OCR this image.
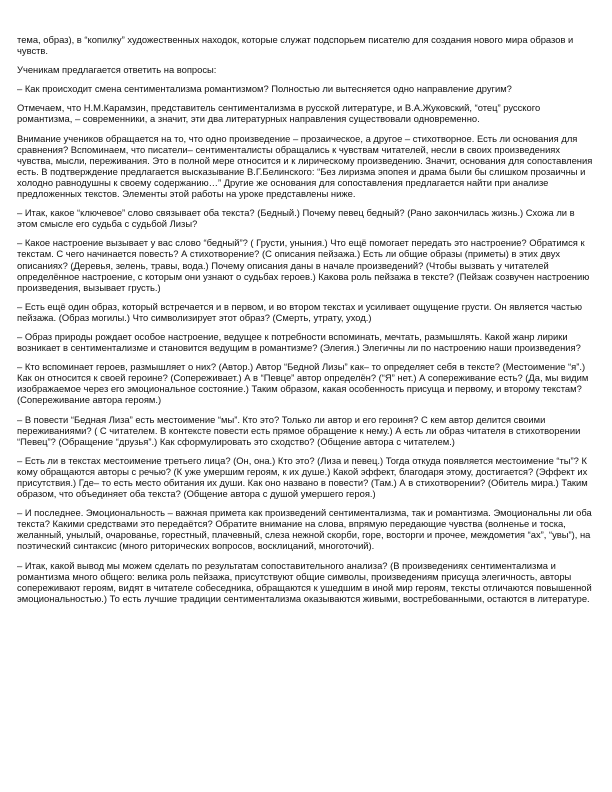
тема, образ), в “копилку” художественных находок, которые служат подспорьем писателю для создания нового мира образов и чувств.

Ученикам предлагается ответить на вопросы:

– Как происходит смена сентиментализма романтизмом? Полностью ли вытесняется одно направление другим?

Отмечаем, что Н.М.Карамзин, представитель сентиментализма в русской литературе, и В.А.Жуковский, “отец” русского романтизма, – современники, а значит, эти два литературных направления существовали одновременно.

Внимание учеников обращается на то, что одно произведение – прозаическое, а другое – стихотворное. Есть ли основания для сравнения? Вспоминаем, что писатели– сентименталисты обращались к чувствам читателей, несли в своих произведениях чувства, мысли, переживания. Это в полной мере относится и к лирическому произведению. Значит, основания для сопоставления есть. В подтверждение предлагается высказывание В.Г.Белинского: “Без лиризма эпопея и драма были бы слишком прозаичны и холодно равнодушны к своему содержанию…” Другие же основания для сопоставления предлагается найти при анализе предложенных текстов. Элементы этой работы на уроке представлены ниже.

– Итак, какое “ключевое” слово связывает оба текста? (Бедный.) Почему певец бедный? (Рано закончилась жизнь.) Схожа ли в этом смысле его судьба с судьбой Лизы?

– Какое настроение вызывает у вас слово “бедный”? ( Грусти, уныния.) Что ещё помогает передать это настроение? Обратимся к текстам. С чего начинается повесть? А стихотворение? (С описания пейзажа.) Есть ли общие образы (приметы) в этих двух описаниях? (Деревья, зелень, травы, вода.) Почему описания даны в начале произведений? (Чтобы вызвать у читателей определённое настроение, с которым они узнают о судьбах героев.) Какова роль пейзажа в тексте? (Пейзаж созвучен настроению произведения, вызывает грусть.)

– Есть ещё один образ, который встречается и в первом, и во втором текстах и усиливает ощущение грусти. Он является частью пейзажа. (Образ могилы.) Что символизирует этот образ? (Смерть, утрату, уход.)

– Образ природы рождает особое настроение, ведущее к потребности вспоминать, мечтать, размышлять. Какой жанр лирики возникает в сентиментализме и становится ведущим в романтизме? (Элегия.) Элегичны ли по настроению наши произведения?

– Кто вспоминает героев, размышляет о них? (Автор.) Автор “Бедной Лизы” как– то определяет себя в тексте? (Местоимение “я”.) Как он относится к своей героине? (Сопереживает.) А в “Певце” автор определён? (“Я” нет.) А сопереживание есть? (Да, мы видим изображаемое через его эмоциональное состояние.) Таким образом, какая особенность присуща и первому, и второму текстам? (Сопереживание автора героям.)

– В повести “Бедная Лиза” есть местоимение “мы”. Кто это? Только ли автор и его героиня? С кем автор делится своими переживаниями? ( С читателем. В контексте повести есть прямое обращение к нему.) А есть ли образ читателя в стихотворении “Певец”? (Обращение “друзья”.) Как сформулировать это сходство? (Общение автора с читателем.)

– Есть ли в текстах местоимение третьего лица? (Он, она.) Кто это? (Лиза и певец.) Тогда откуда появляется местоимение “ты”? К кому обращаются авторы с речью? (К уже умершим героям, к их душе.) Какой эффект, благодаря этому, достигается? (Эффект их присутствия.) Где– то есть место обитания их души. Как оно названо в повести? (Там.) А в стихотворении? (Обитель мира.) Таким образом, что объединяет оба текста? (Общение автора с душой умершего героя.)

– И последнее. Эмоциональность – важная примета как произведений сентиментализма, так и романтизма. Эмоциональны ли оба текста? Какими средствами это передаётся? Обратите внимание на слова, впрямую передающие чувства (волненье и тоска, желанный, унылый, очарованье, горестный, плачевный, слеза нежной скорби, горе, восторги и прочее, междометия “ах”, “увы”), на поэтический синтаксис (много риторических вопросов, восклицаний, многоточий).

– Итак, какой вывод мы можем сделать по результатам сопоставительного анализа? (В произведениях сентиментализма и романтизма много общего: велика роль пейзажа, присутствуют общие символы, произведениям присуща элегичность, авторы сопереживают героям, видят в читателе собеседника, обращаются к ушедшим в иной мир героям, тексты отличаются повышенной эмоциональностью.) То есть лучшие традиции сентиментализма оказываются живыми, востребованными, остаются в литературе.
